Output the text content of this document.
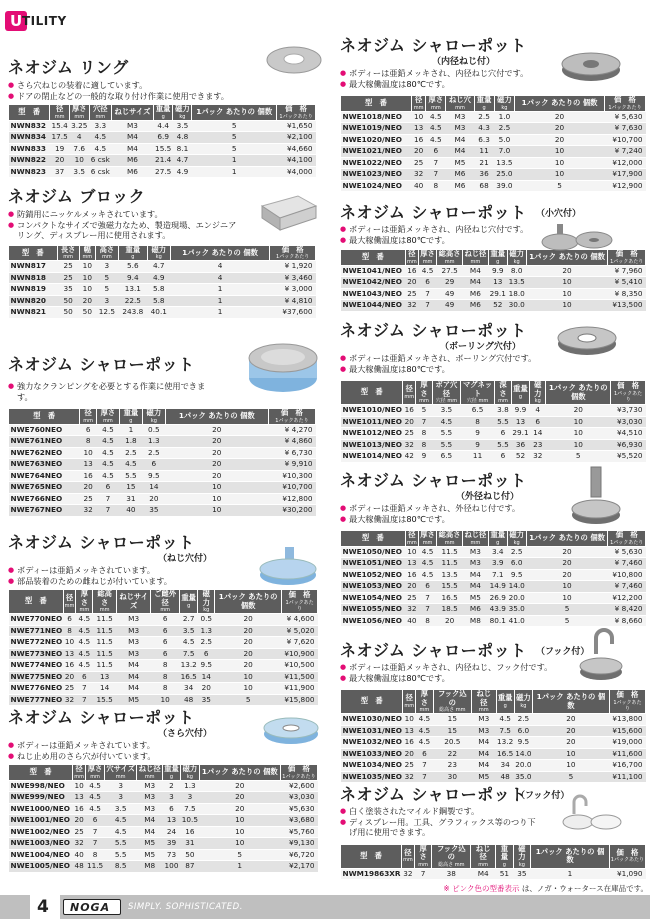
U TILITY
ネオジム リング
● さら穴ねじの装着に適しています。
● ドアの閉止などの一般的な取り付け作業に使用できます。
型　番	径
mm	厚さ
mm	穴径
mm	ねじサイズ	重量
g	磁力
kg	1パック あたりの 個数	価　格
1パックあたり

NWN832	15.4	3.25	3.3	M3	4.4	3.5	5	¥1,650
NWN834	17.5	4	4.5	M4	6.9	4.8	5	¥2,100
NWN833	19	7.6	4.5	M4	15.5	8.1	5	¥4,660
NWN822	20	10	6 csk	M6	21.4	4.7	1	¥4,100
NWN823	37	3.5	6 csk	M6	27.5	4.9	1	¥4,000
ネオジム ブロック
● 防錆用にニッケルメッキされています。
● コンパクトなサイズで強磁力なため、製造現場、エンジニアリング、ディスプレー用に使用されます。
型　番	長さ
mm	幅
mm	高さ
mm	重量
g	磁力
kg	1パック あたりの 個数	価　格
1パックあたり

NWN817	25	10	3	5.6	4.7	4	¥ 1,920
NWN818	25	10	5	9.4	4.9	4	¥ 3,460
NWN819	35	10	5	13.1	5.8	1	¥ 3,000
NWN820	50	20	3	22.5	5.8	1	¥ 4,810
NWN821	50	50	12.5	243.8	40.1	1	¥37,600
ネオジム シャローポット
● 強力なクランピングを必要とする作業に使用できます。
型　番	径
mm	厚さ
mm	重量
g	磁力
kg	1パック あたりの 個数	価　格
1パックあたり

NWE760NEO	6	4.5	1	0.5	20	¥ 4,270
NWE761NEO	8	4.5	1.8	1.3	20	¥ 4,860
NWE762NEO	10	4.5	2.5	2.5	20	¥ 6,730
NWE763NEO	13	4.5	4.5	6	20	¥ 9,910
NWE764NEO	16	4.5	5.5	9.5	20	¥10,300
NWE765NEO	20	6	15	14	10	¥10,700
NWE766NEO	25	7	31	20	10	¥12,800
NWE767NEO	32	7	40	35	10	¥30,200
ネオジム シャローポット
（ねじ穴付）
● ボディーは亜鉛メッキされています。
● 部品装着のための雌ねじが付いています。
型　番	径
mm	厚さ
mm	総高さ
mm	ねじサイズ	ご雌外径
mm	重量
g	磁力
kg	1パック あたりの 個数	価　格
1パックあたり

NWE770NEO	6	4.5	11.5	M3	6	2.7	0.5	20	¥ 4,600
NWE771NEO	8	4.5	11.5	M3	6	3.5	1.3	20	¥ 5,020
NWE772NEO	10	4.5	11.5	M3	6	4.5	2.5	20	¥ 7,620
NWE773NEO	13	4.5	11.5	M3	6	7.5	6	20	¥10,900
NWE774NEO	16	4.5	11.5	M4	8	13.2	9.5	20	¥10,500
NWE775NEO	20	6	13	M4	8	16.5	14	10	¥11,500
NWE776NEO	25	7	14	M4	8	34	20	10	¥11,900
NWE777NEO	32	7	15.5	M5	10	48	35	5	¥15,800
ネオジム シャローポット
（さら穴付）
● ボディーは亜鉛メッキされています。
● ねじ止め用のさら穴が付いています。
型　番	径
mm	厚さ
mm	穴サイズ
mm	ねじ径
mm	重量
g	磁力
kg	1パック あたりの 個数	価　格
1パックあたり

NWE998/NEO	10	4.5	3	M3	2	1.3	20	¥2,600
NWE999/NEO	13	4.5	3	M3	3	3	20	¥3,030
NWE1000/NEO	16	4.5	3.5	M3	6	7.5	20	¥5,630
NWE1001/NEO	20	6	4.5	M4	13	10.5	10	¥3,680
NWE1002/NEO	25	7	4.5	M4	24	16	10	¥5,760
NWE1003/NEO	32	7	5.5	M5	39	31	10	¥9,130
NWE1004/NEO	40	8	5.5	M5	73	50	5	¥6,720
NWE1005/NEO	48	11.5	8.5	M8	100	87	1	¥2,170
ネオジム シャローポット
（内径ねじ付）
● ボディーは亜鉛メッキされ、内径ねじ穴付です。
● 最大稼働温度は80℃です。
型　番	径
mm	厚さ
mm	ねじ穴
mm	重量
g	磁力
kg	1パック あたりの 個数	価　格
1パックあたり

NWE1018/NEO	10	4.5	M3	2.5	1.0	20	¥ 5,630
NWE1019/NEO	13	4.5	M3	4.3	2.5	20	¥ 7,630
NWE1020/NEO	16	4.5	M4	6.3	5.0	20	¥10,700
NWE1021/NEO	20	6	M4	11	7.0	10	¥ 7,240
NWE1022/NEO	25	7	M5	21	13.5	10	¥12,000
NWE1023/NEO	32	7	M6	36	25.0	10	¥17,900
NWE1024/NEO	40	8	M6	68	39.0	5	¥12,900
ネオジム シャローポット	（小穴付）
● ボディーは亜鉛メッキされ、内径ねじ穴付です。
● 最大稼働温度は80℃です。
型　番	径
mm	厚さ
mm	総高さ
mm	ねじ径
mm	重量
g	磁力
kg	1パック あたりの 個数	価　格
1パックあたり

NWE1041/NEO	16	4.5	27.5	M4	9.9	8.0	20	¥ 7,960
NWE1042/NEO	20	6	29	M4	13	13.5	10	¥ 5,410
NWE1043/NEO	25	7	49	M6	29.1	18.0	10	¥ 8,350
NWE1044/NEO	32	7	49	M6	52	30.0	10	¥13,500
ネオジム シャローポット
（ボーリング穴付）
● ボディーは亜鉛メッキされ、ボーリング穴付です。
● 最大稼働温度は80℃です。
型　番	径
mm	厚さ
mm	ボア穴径
穴径 mm	マグネット
穴径 mm	深さ
mm	重量
g	磁力
kg	1パック あたりの 個数	価　格
1パックあたり

NWE1010/NEO	16	5	3.5	6.5	3.8	9.9	4	20	¥3,730
NWE1011/NEO	20	7	4.5	8	5.5	13	6	10	¥3,030
NWE1012/NEO	25	8	5.5	9	6	29.1	14	10	¥4,510
NWE1013/NEO	32	8	5.5	9	5.5	36	23	10	¥6,930
NWE1014/NEO	42	9	6.5	11	6	52	32	5	¥5,520
ネオジム シャローポット
（外径ねじ付）
● ボディーは亜鉛メッキされ、外径ねじ付です。
● 最大稼働温度は80℃です。
型　番	径
mm	厚さ
mm	総高さ
mm	ねじ径
mm	重量
g	磁力
kg	1パック あたりの 個数	価　格
1パックあたり

NWE1050/NEO	10	4.5	11.5	M3	3.4	2.5	20	¥ 5,630
NWE1051/NEO	13	4.5	11.5	M3	3.9	6.0	20	¥ 7,460
NWE1052/NEO	16	4.5	13.5	M4	7.1	9.5	20	¥10,800
NWE1053/NEO	20	6	15.5	M4	14.9	14.0	10	¥ 7,460
NWE1054/NEO	25	7	16.5	M5	26.9	20.0	10	¥12,200
NWE1055/NEO	32	7	18.5	M6	43.9	35.0	5	¥ 8,420
NWE1056/NEO	40	8	20	M8	80.1	41.0	5	¥ 8,660
ネオジム シャローポット	（フック付）
● ボディーは亜鉛メッキされ、内径ねじ、フック付です。
● 最大稼働温度は80℃です。
型　番	径
mm	厚さ
mm	フック込の
総高さ mm	ねじ径
mm	重量
g	磁力
kg	1パック あたりの 個数	価　格
1パックあたり

NWE1030/NEO	10	4.5	15	M3	4.5	2.5	20	¥13,800
NWE1031/NEO	13	4.5	15	M3	7.5	6.0	20	¥15,600
NWE1032/NEO	16	4.5	20.5	M4	13.2	9.5	20	¥19,000
NWE1033/NEO	20	6	22	M4	16.5	14.0	10	¥11,600
NWE1034/NEO	25	7	23	M4	34	20.0	10	¥16,700
NWE1035/NEO	32	7	30	M5	48	35.0	5	¥11,100
ネオジム シャローポット
（フック付）
● 白く塗装されたマイルド鋼製です。
● ディスプレー用。工具、グラフィックス等のつり下げ用に使用できます。
型　番	径
mm	厚さ
mm	フック込の
総高さ mm	ねじ径
mm	重量
g	磁力
kg	1パック あたりの 個数	価　格
1パックあたり

NWM19863XR	32	7	38	M4	51	35	1	¥1,090
※ ピンク色の型番表示 は、ノガ・ウォータース在庫品です。
4 NOGA SIMPLY. SOPHISTICATED.
